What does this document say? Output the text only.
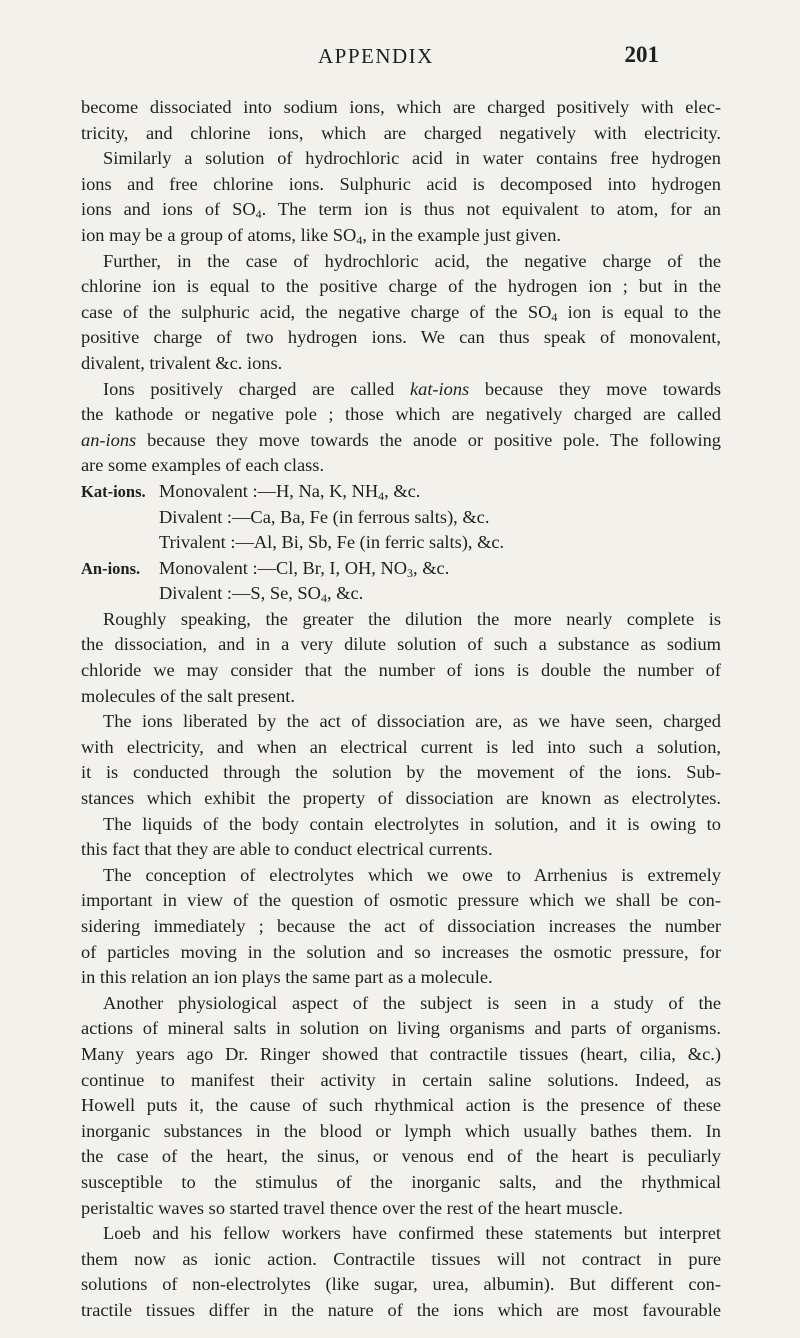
APPENDIX	201
become dissociated into sodium ions, which are charged positively with elec-
tricity, and chlorine ions, which are charged negatively with electricity.
Similarly a solution of hydrochloric acid in water contains free hydrogen
ions and free chlorine ions. Sulphuric acid is decomposed into hydrogen
ions and ions of $SO_4$. The term ion is thus not equivalent to atom, for an
ion may be a group of atoms, like $SO_4$, in the example just given.
Further, in the case of hydrochloric acid, the negative charge of the
chlorine ion is equal to the positive charge of the hydrogen ion ; but in the
case of the sulphuric acid, the negative charge of the $SO_4$ ion is equal to the
positive charge of two hydrogen ions. We can thus speak of monovalent,
divalent, trivalent &c. ions.
Ions positively charged are called kat-ions because they move towards
the kathode or negative pole ; those which are negatively charged are called
an-ions because they move towards the anode or positive pole. The following
are some examples of each class.
Kat-ions. Monovalent :—H, Na, K, $NH_4$, &c.
Divalent :—Ca, Ba, Fe (in ferrous salts), &c.
Trivalent :—Al, Bi, Sb, Fe (in ferric salts), &c.
An-ions. Monovalent :—Cl, Br, I, OH, $NO_3$, &c.
Divalent :—S, Se, $SO_4$, &c.
Roughly speaking, the greater the dilution the more nearly complete is
the dissociation, and in a very dilute solution of such a substance as sodium
chloride we may consider that the number of ions is double the number of
molecules of the salt present.
The ions liberated by the act of dissociation are, as we have seen, charged
with electricity, and when an electrical current is led into such a solution,
it is conducted through the solution by the movement of the ions. Sub-
stances which exhibit the property of dissociation are known as electrolytes.
The liquids of the body contain electrolytes in solution, and it is owing to
this fact that they are able to conduct electrical currents.
The conception of electrolytes which we owe to Arrhenius is extremely
important in view of the question of osmotic pressure which we shall be con-
sidering immediately ; because the act of dissociation increases the number
of particles moving in the solution and so increases the osmotic pressure, for
in this relation an ion plays the same part as a molecule.
Another physiological aspect of the subject is seen in a study of the
actions of mineral salts in solution on living organisms and parts of organisms.
Many years ago Dr. Ringer showed that contractile tissues (heart, cilia, &c.)
continue to manifest their activity in certain saline solutions. Indeed, as
Howell puts it, the cause of such rhythmical action is the presence of these
inorganic substances in the blood or lymph which usually bathes them. In
the case of the heart, the sinus, or venous end of the heart is peculiarly
susceptible to the stimulus of the inorganic salts, and the rhythmical
peristaltic waves so started travel thence over the rest of the heart muscle.
Loeb and his fellow workers have confirmed these statements but interpret
them now as ionic action. Contractile tissues will not contract in pure
solutions of non-electrolytes (like sugar, urea, albumin). But different con-
tractile tissues differ in the nature of the ions which are most favourable
